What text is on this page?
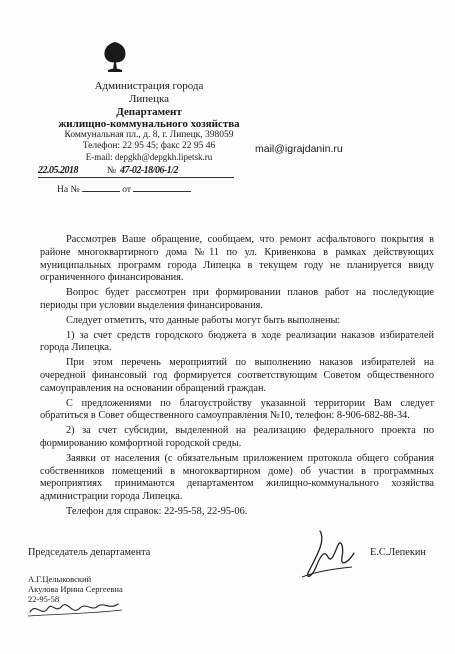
Администрация города
Липецка
Департамент
жилищно-коммунального хозяйства
Коммунальная пл., д. 8, г. Липецк, 398059
Телефон: 22 95 45; факс 22 95 46
E-mail: depgkh@depgkh.lipetsk.ru
22.05.2018	№ 47-02-18/06-1/2
На №	от
mail@igrajdanin.ru

Рассмотрев Ваше обращение, сообщаем, что ремонт асфальтового покрытия в районе многоквартирного дома №11 по ул. Кривенкова в рамках действующих муниципальных программ города Липецка в текущем году не планируется ввиду ограниченного финансирования.

Вопрос будет рассмотрен при формировании планов работ на последующие периоды при условии выделения финансирования.

Следует отметить, что данные работы могут быть выполнены:

1) за счет средств городского бюджета в ходе реализации наказов избирателей города Липецка.

При этом перечень мероприятий по выполнению наказов избирателей на очередной финансовый год формируется соответствующим Советом общественного самоуправления на основании обращений граждан.

С предложениями по благоустройству указанной территории Вам следует обратиться в Совет общественного самоуправления №10, телефон: 8-906-682-88-34.

2) за счет субсидии, выделенной на реализацию федерального проекта по формированию комфортной городской среды.

Заявки от населения (с обязательным приложением протокола общего собрания собственников помещений в многоквартирном доме) об участии в программных мероприятиях принимаются департаментом жилищно-коммунального хозяйства администрации города Липецка.

Телефон для справок: 22-95-58, 22-95-06.

Председатель департамента	Е.С.Лепекин
А.Г.Целыковский
Акулова Ирина Сергеевна
22-95-58
